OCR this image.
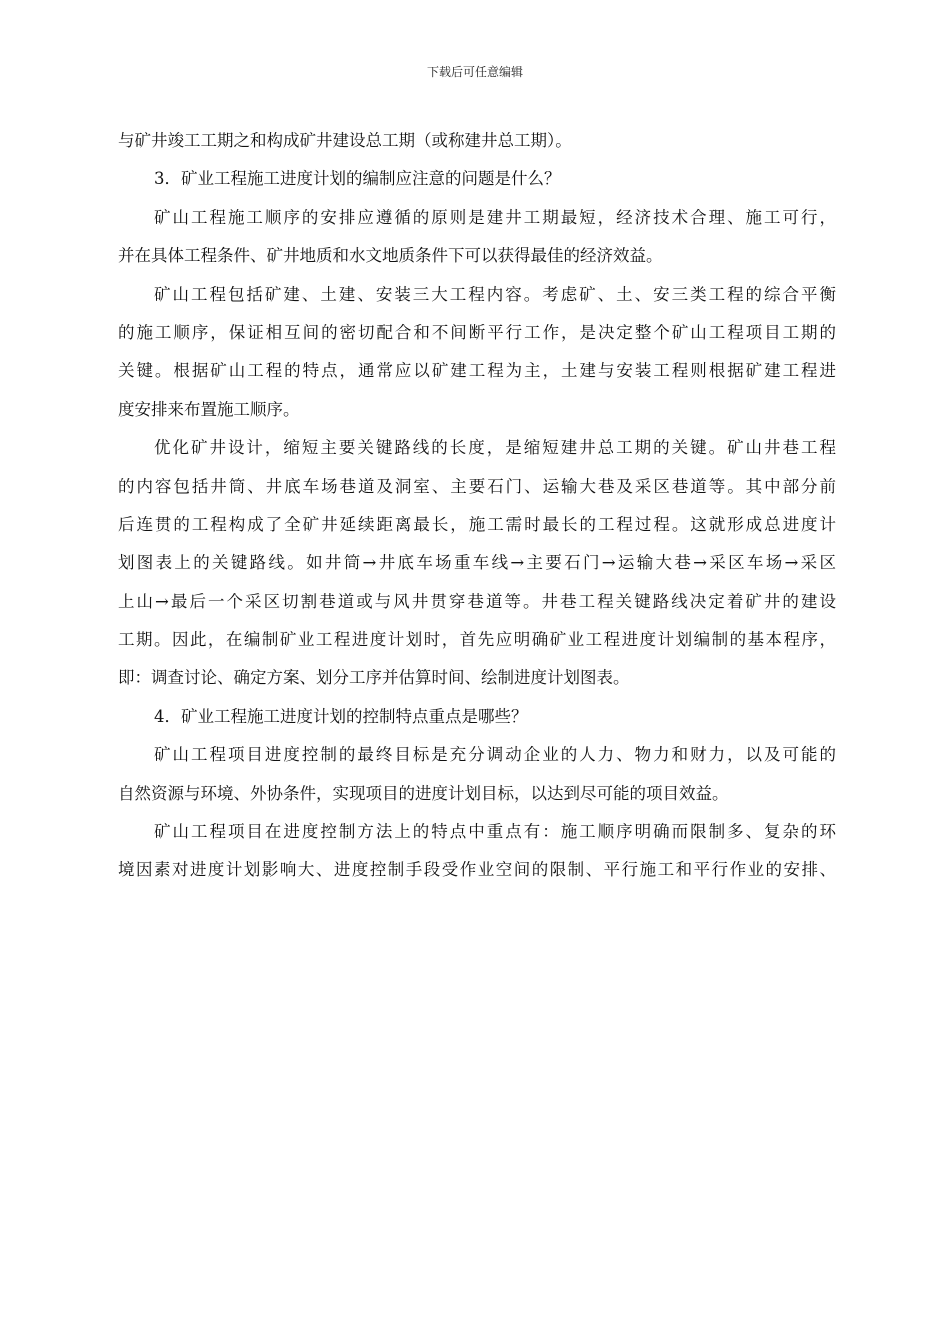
下载后可任意编辑
与矿井竣工工期之和构成矿井建设总工期（或称建井总工期）。
3．矿业工程施工进度计划的编制应注意的问题是什么？
矿山工程施工顺序的安排应遵循的原则是建井工期最短，经济技术合理、施工可行，
并在具体工程条件、矿井地质和水文地质条件下可以获得最佳的经济效益。
矿山工程包括矿建、土建、安装三大工程内容。考虑矿、土、安三类工程的综合平衡
的施工顺序，保证相互间的密切配合和不间断平行工作，是决定整个矿山工程项目工期的
关键。根据矿山工程的特点，通常应以矿建工程为主，土建与安装工程则根据矿建工程进
度安排来布置施工顺序。
优化矿井设计，缩短主要关键路线的长度，是缩短建井总工期的关键。矿山井巷工程
的内容包括井筒、井底车场巷道及洞室、主要石门、运输大巷及采区巷道等。其中部分前
后连贯的工程构成了全矿井延续距离最长，施工需时最长的工程过程。这就形成总进度计
划图表上的关键路线。如井筒→井底车场重车线→主要石门→运输大巷→采区车场→采区
上山→最后一个采区切割巷道或与风井贯穿巷道等。井巷工程关键路线决定着矿井的建设
工期。因此，在编制矿业工程进度计划时，首先应明确矿业工程进度计划编制的基本程序，
即：调查讨论、确定方案、划分工序并估算时间、绘制进度计划图表。
4．矿业工程施工进度计划的控制特点重点是哪些？
矿山工程项目进度控制的最终目标是充分调动企业的人力、物力和财力，以及可能的
自然资源与环境、外协条件，实现项目的进度计划目标，以达到尽可能的项目效益。
矿山工程项目在进度控制方法上的特点中重点有：施工顺序明确而限制多、复杂的环
境因素对进度计划影响大、进度控制手段受作业空间的限制、平行施工和平行作业的安排、
